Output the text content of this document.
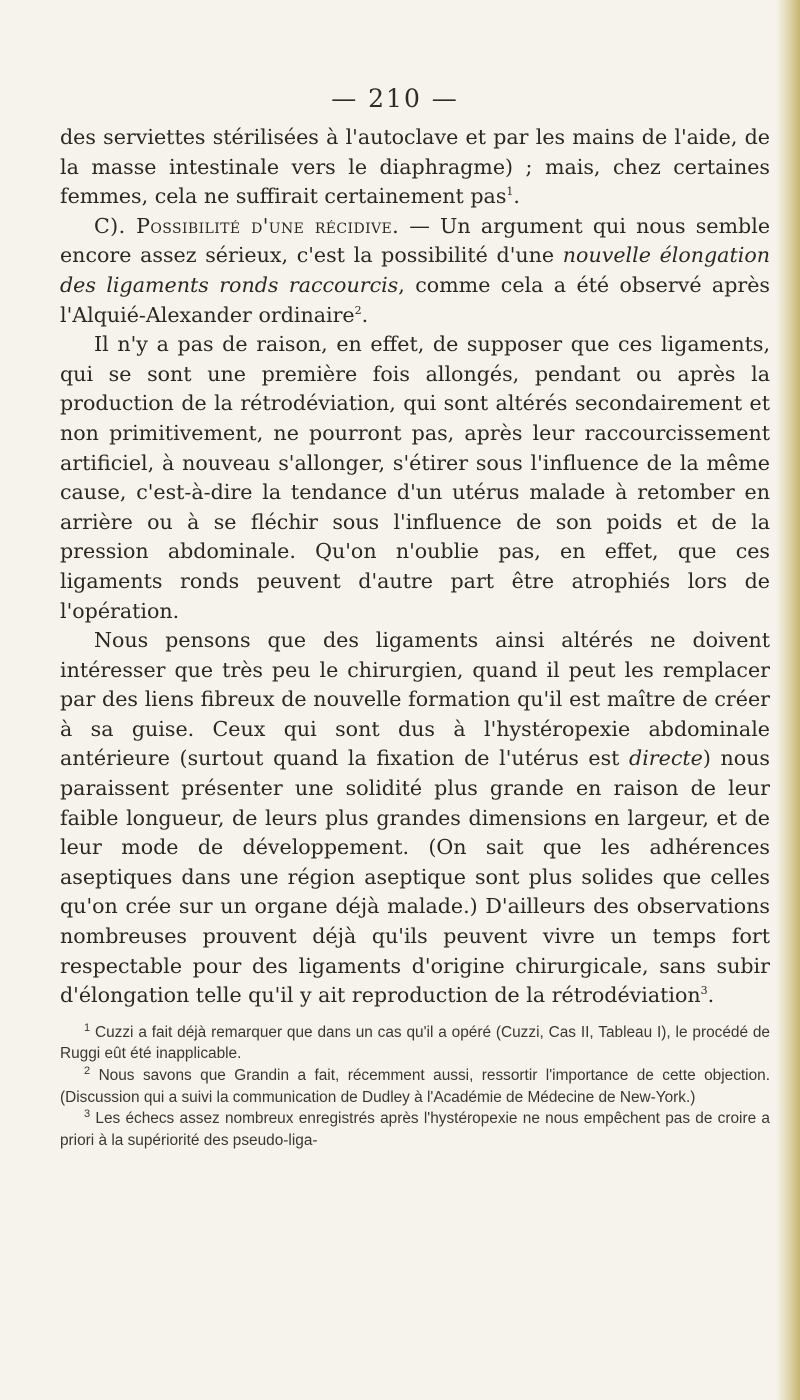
— 210 —

des serviettes stérilisées à l'autoclave et par les mains de l'aide, de la masse intestinale vers le diaphragme) ; mais, chez certaines femmes, cela ne suffirait certainement pas$^1$.

C). Possibilité d'une récidive. — Un argument qui nous semble encore assez sérieux, c'est la possibilité d'une nouvelle élongation des ligaments ronds raccourcis, comme cela a été observé après l'Alquié-Alexander ordinaire$^2$.

Il n'y a pas de raison, en effet, de supposer que ces ligaments, qui se sont une première fois allongés, pendant ou après la production de la rétrodéviation, qui sont altérés secondairement et non primitivement, ne pourront pas, après leur raccourcissement artificiel, à nouveau s'allonger, s'étirer sous l'influence de la même cause, c'est-à-dire la tendance d'un utérus malade à retomber en arrière ou à se fléchir sous l'influence de son poids et de la pression abdominale. Qu'on n'oublie pas, en effet, que ces ligaments ronds peuvent d'autre part être atrophiés lors de l'opération.

Nous pensons que des ligaments ainsi altérés ne doivent intéresser que très peu le chirurgien, quand il peut les remplacer par des liens fibreux de nouvelle formation qu'il est maître de créer à sa guise. Ceux qui sont dus à l'hystéropexie abdominale antérieure (surtout quand la fixation de l'utérus est directe) nous paraissent présenter une solidité plus grande en raison de leur faible longueur, de leurs plus grandes dimensions en largeur, et de leur mode de développement. (On sait que les adhérences aseptiques dans une région aseptique sont plus solides que celles qu'on crée sur un organe déjà malade.) D'ailleurs des observations nombreuses prouvent déjà qu'ils peuvent vivre un temps fort respectable pour des ligaments d'origine chirurgicale, sans subir d'élongation telle qu'il y ait reproduction de la rétrodéviation$^3$.

$^1$ Cuzzi a fait déjà remarquer que dans un cas qu'il a opéré (Cuzzi, Cas II, Tableau I), le procédé de Ruggi eût été inapplicable.

$^2$ Nous savons que Grandin a fait, récemment aussi, ressortir l'importance de cette objection. (Discussion qui a suivi la communication de Dudley à l'Académie de Médecine de New-York.)

$^3$ Les échecs assez nombreux enregistrés après l'hystéropexie ne nous empêchent pas de croire a priori à la supériorité des pseudo-liga-
